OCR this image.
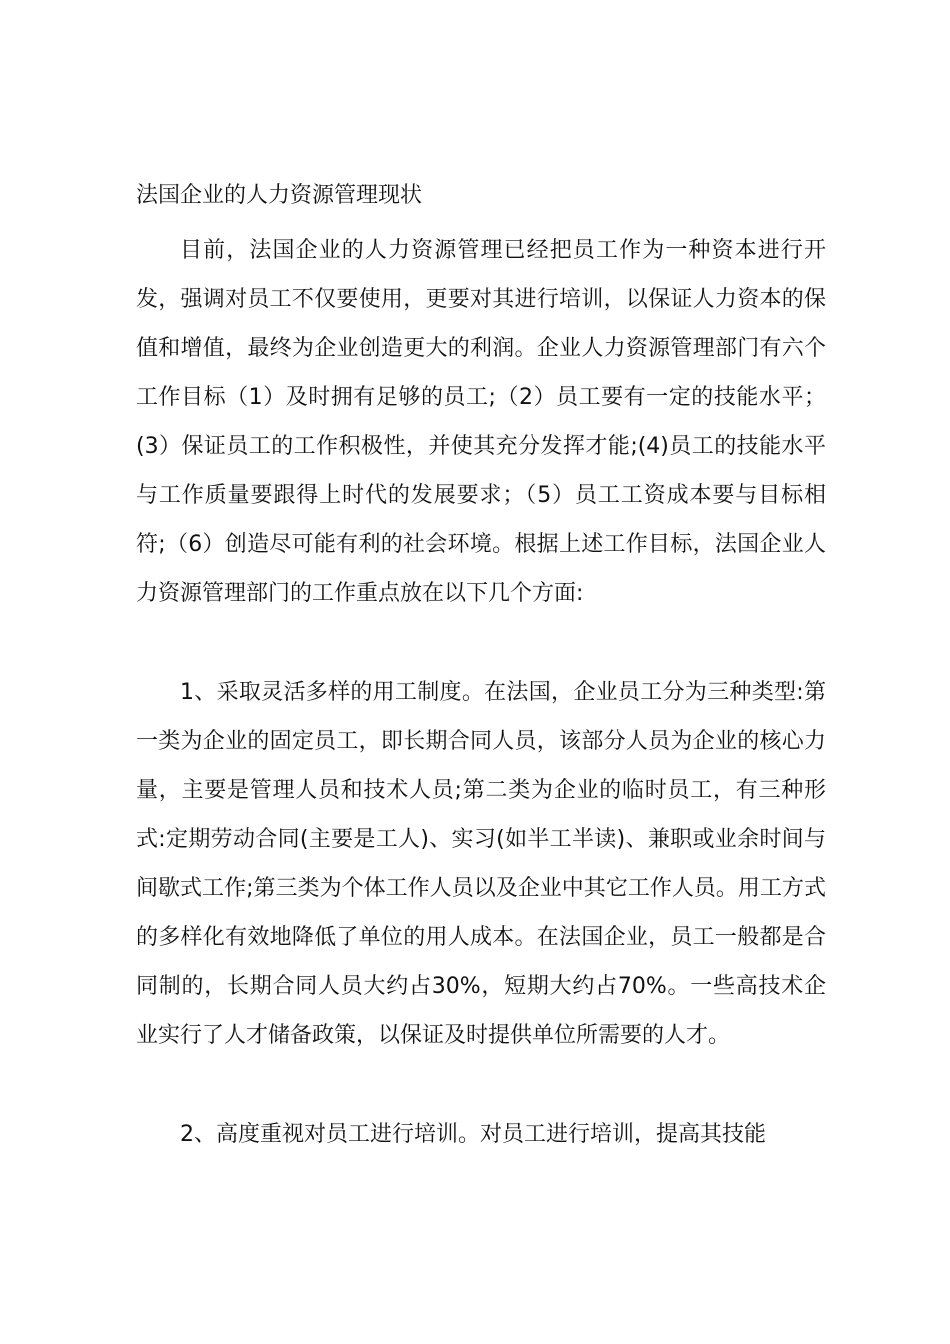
法国企业的人力资源管理现状

目前，法国企业的人力资源管理已经把员工作为一种资本进行开发，强调对员工不仅要使用，更要对其进行培训，以保证人力资本的保值和增值，最终为企业创造更大的利润。企业人力资源管理部门有六个工作目标（1）及时拥有足够的员工;（2）员工要有一定的技能水平；(3）保证员工的工作积极性，并使其充分发挥才能;(4)员工的技能水平与工作质量要跟得上时代的发展要求；（5）员工工资成本要与目标相符;（6）创造尽可能有利的社会环境。根据上述工作目标，法国企业人力资源管理部门的工作重点放在以下几个方面:

1、采取灵活多样的用工制度。在法国，企业员工分为三种类型:第一类为企业的固定员工，即长期合同人员，该部分人员为企业的核心力量，主要是管理人员和技术人员;第二类为企业的临时员工，有三种形式:定期劳动合同(主要是工人)、实习(如半工半读)、兼职或业余时间与间歇式工作;第三类为个体工作人员以及企业中其它工作人员。用工方式的多样化有效地降低了单位的用人成本。在法国企业，员工一般都是合同制的，长期合同人员大约占30%，短期大约占70%。一些高技术企业实行了人才储备政策，以保证及时提供单位所需要的人才。

2、高度重视对员工进行培训。对员工进行培训，提高其技能
